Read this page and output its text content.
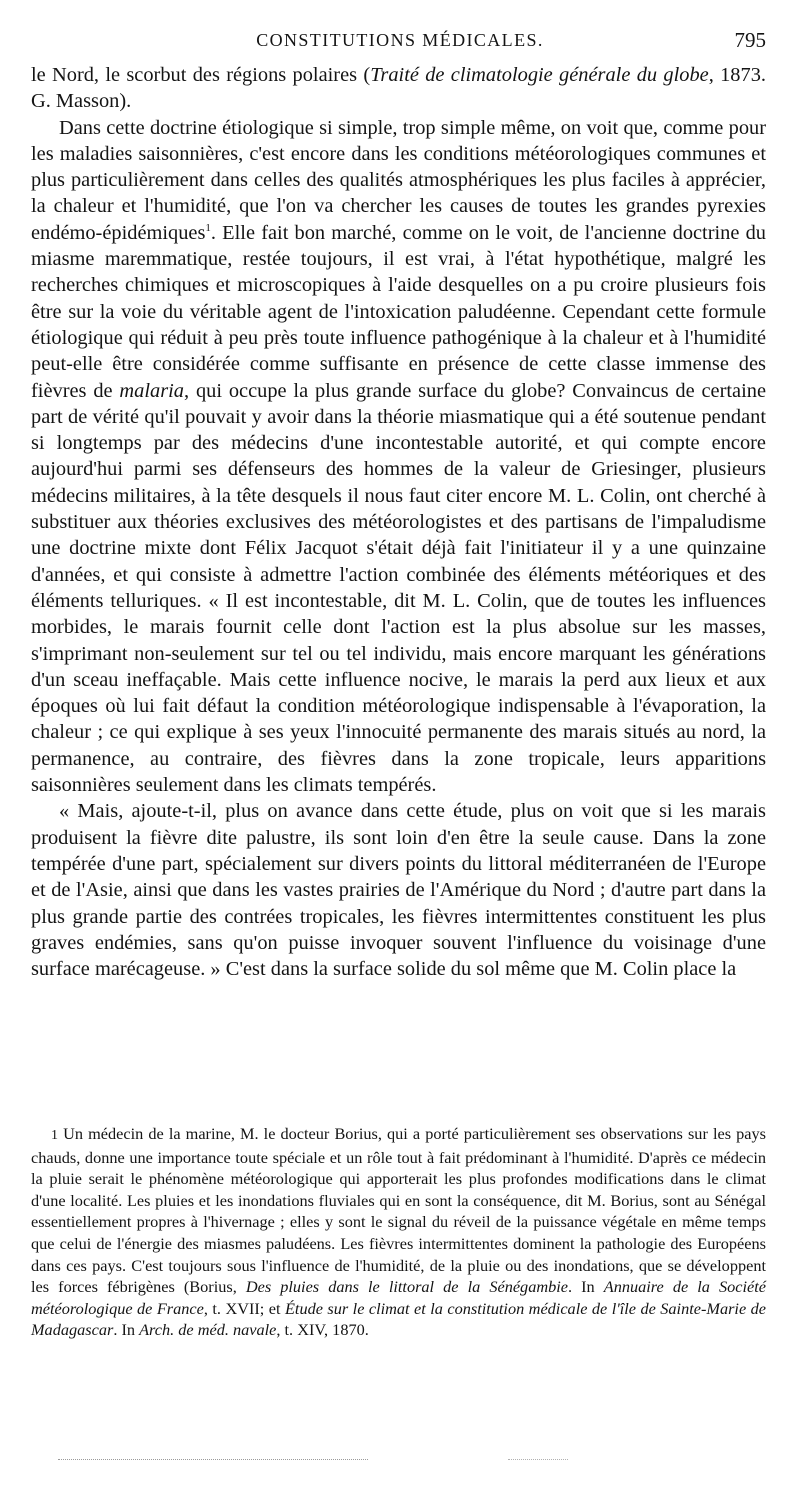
CONSTITUTIONS MÉDICALES.	795

le Nord, le scorbut des régions polaires (Traité de climatologie générale du globe, 1873. G. Masson).

Dans cette doctrine étiologique si simple, trop simple même, on voit que, comme pour les maladies saisonnières, c'est encore dans les conditions météorologiques communes et plus particulièrement dans celles des qualités atmosphériques les plus faciles à apprécier, la chaleur et l'humidité, que l'on va chercher les causes de toutes les grandes pyrexies endémo-épidémiques$^1$. Elle fait bon marché, comme on le voit, de l'ancienne doctrine du miasme maremmatique, restée toujours, il est vrai, à l'état hypothétique, malgré les recherches chimiques et microscopiques à l'aide desquelles on a pu croire plusieurs fois être sur la voie du véritable agent de l'intoxication paludéenne. Cependant cette formule étiologique qui réduit à peu près toute influence pathogénique à la chaleur et à l'humidité peut-elle être considérée comme suffisante en présence de cette classe immense des fièvres de malaria, qui occupe la plus grande surface du globe? Convaincus de certaine part de vérité qu'il pouvait y avoir dans la théorie miasmatique qui a été soutenue pendant si longtemps par des médecins d'une incontestable autorité, et qui compte encore aujourd'hui parmi ses défenseurs des hommes de la valeur de Griesinger, plusieurs médecins militaires, à la tête desquels il nous faut citer encore M. L. Colin, ont cherché à substituer aux théories exclusives des météorologistes et des partisans de l'impaludisme une doctrine mixte dont Félix Jacquot s'était déjà fait l'initiateur il y a une quinzaine d'années, et qui consiste à admettre l'action combinée des éléments météoriques et des éléments telluriques. « Il est incontestable, dit M. L. Colin, que de toutes les influences morbides, le marais fournit celle dont l'action est la plus absolue sur les masses, s'imprimant non-seulement sur tel ou tel individu, mais encore marquant les générations d'un sceau ineffaçable. Mais cette influence nocive, le marais la perd aux lieux et aux époques où lui fait défaut la condition météorologique indispensable à l'évaporation, la chaleur ; ce qui explique à ses yeux l'innocuité permanente des marais situés au nord, la permanence, au contraire, des fièvres dans la zone tropicale, leurs apparitions saisonnières seulement dans les climats tempérés.

« Mais, ajoute-t-il, plus on avance dans cette étude, plus on voit que si les marais produisent la fièvre dite palustre, ils sont loin d'en être la seule cause. Dans la zone tempérée d'une part, spécialement sur divers points du littoral méditerranéen de l'Europe et de l'Asie, ainsi que dans les vastes prairies de l'Amérique du Nord ; d'autre part dans la plus grande partie des contrées tropicales, les fièvres intermittentes constituent les plus graves endémies, sans qu'on puisse invoquer souvent l'influence du voisinage d'une surface marécageuse. » C'est dans la surface solide du sol même que M. Colin place la

1 Un médecin de la marine, M. le docteur Borius, qui a porté particulièrement ses observations sur les pays chauds, donne une importance toute spéciale et un rôle tout à fait prédominant à l'humidité. D'après ce médecin la pluie serait le phénomène météorologique qui apporterait les plus profondes modifications dans le climat d'une localité. Les pluies et les inondations fluviales qui en sont la conséquence, dit M. Borius, sont au Sénégal essentiellement propres à l'hivernage ; elles y sont le signal du réveil de la puissance végétale en même temps que celui de l'énergie des miasmes paludéens. Les fièvres intermittentes dominent la pathologie des Européens dans ces pays. C'est toujours sous l'influence de l'humidité, de la pluie ou des inondations, que se développent les forces fébrigènes (Borius, Des pluies dans le littoral de la Sénégambie. In Annuaire de la Société météorologique de France, t. XVII; et Étude sur le climat et la constitution médicale de l'île de Sainte-Marie de Madagascar. In Arch. de méd. navale, t. XIV, 1870.
